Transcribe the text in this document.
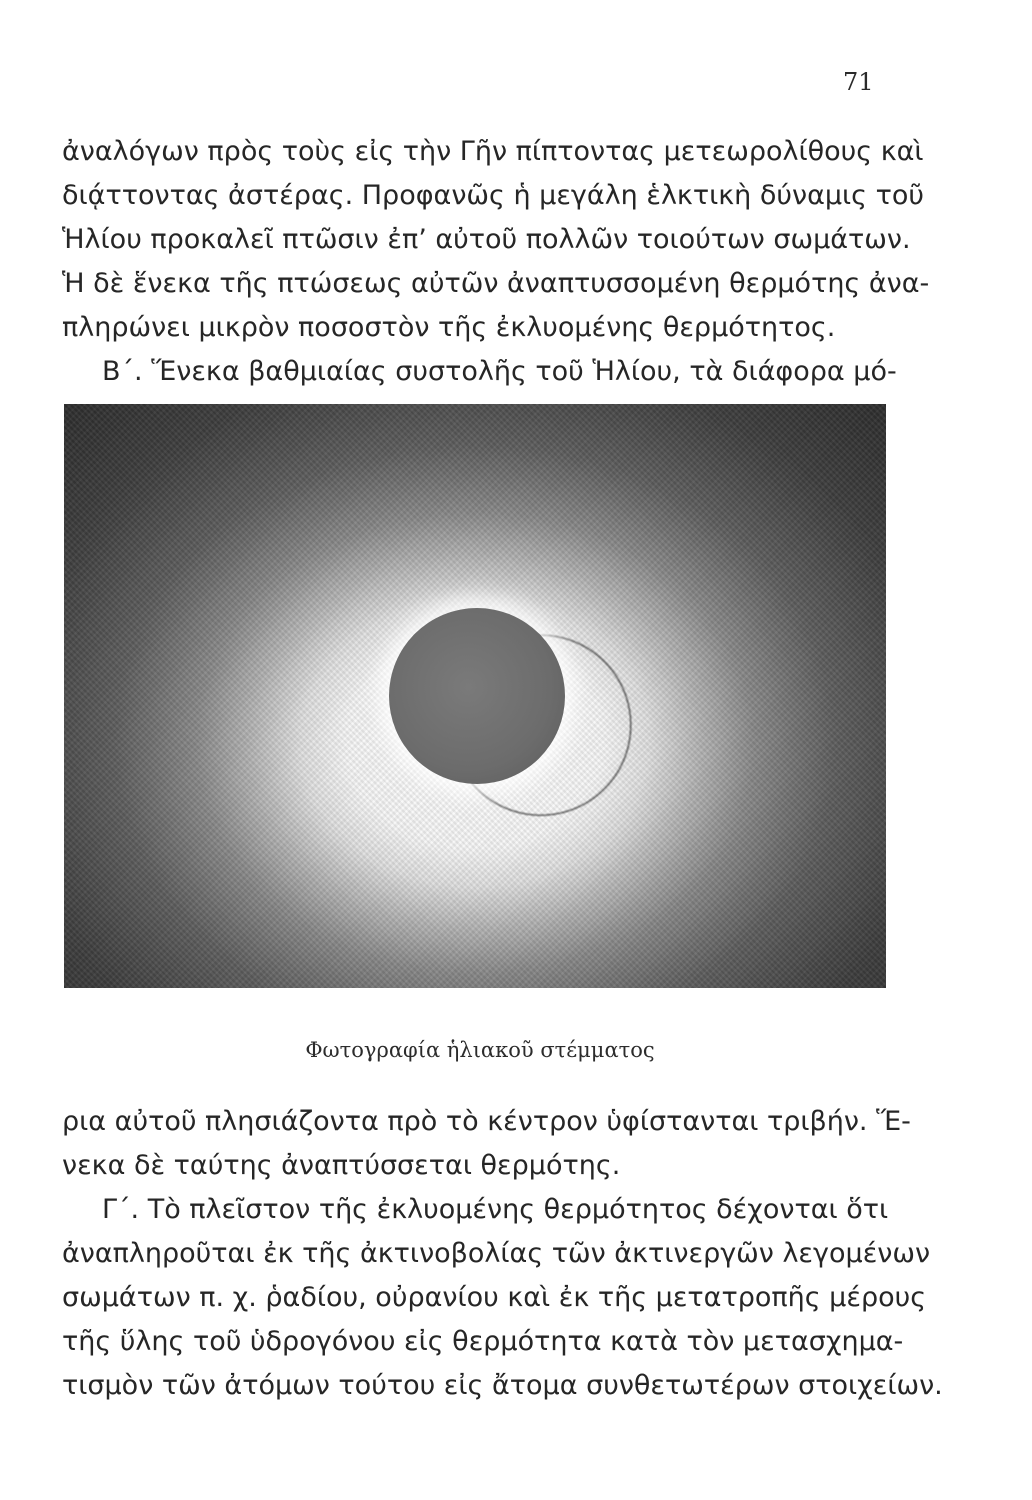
71
ἀναλόγων πρὸς τοὺς εἰς τὴν Γῆν πίπτοντας μετεωρολίθους καὶ
διᾴττοντας ἀστέρας. Προφανῶς ἡ μεγάλη ἑλκτικὴ δύναμις τοῦ
Ἡλίου προκαλεῖ πτῶσιν ἐπ’ αὐτοῦ πολλῶν τοιούτων σωμάτων.
Ἡ δὲ ἕνεκα τῆς πτώσεως αὐτῶν ἀναπτυσσομένη θερμότης ἀνα-
πληρώνει μικρὸν ποσοστὸν τῆς ἐκλυομένης θερμότητος.
Β΄. Ἕνεκα βαθμιαίας συστολῆς τοῦ Ἡλίου, τὰ διάφορα μό-
Φωτογραφία ἡλιακοῦ στέμματος
ρια αὐτοῦ πλησιάζοντα πρὸ τὸ κέντρον ὑφίστανται τριβήν. Ἕ-
νεκα δὲ ταύτης ἀναπτύσσεται θερμότης.
Γ΄. Τὸ πλεῖστον τῆς ἐκλυομένης θερμότητος δέχονται ὅτι
ἀναπληροῦται ἐκ τῆς ἀκτινοβολίας τῶν ἀκτινεργῶν λεγομένων
σωμάτων π. χ. ῥαδίου, οὐρανίου καὶ ἐκ τῆς μετατροπῆς μέρους
τῆς ὕλης τοῦ ὑδρογόνου εἰς θερμότητα κατὰ τὸν μετασχημα-
τισμὸν τῶν ἀτόμων τούτου εἰς ἄτομα συνθετωτέρων στοιχείων.
